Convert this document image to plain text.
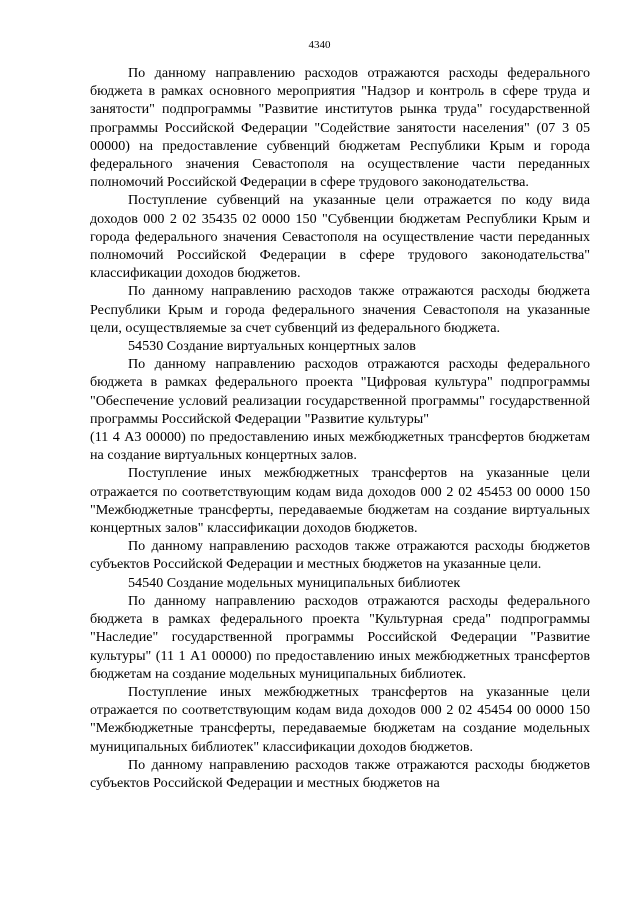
4340

По данному направлению расходов отражаются расходы федерального бюджета в рамках основного мероприятия "Надзор и контроль в сфере труда и занятости" подпрограммы "Развитие институтов рынка труда" государственной программы Российской Федерации "Содействие занятости населения" (07 3 05 00000) на предоставление субвенций бюджетам Республики Крым и города федерального значения Севастополя на осуществление части переданных полномочий Российской Федерации в сфере трудового законодательства.

Поступление субвенций на указанные цели отражается по коду вида доходов 000 2 02 35435 02 0000 150 "Субвенции бюджетам Республики Крым и города федерального значения Севастополя на осуществление части переданных полномочий Российской Федерации в сфере трудового законодательства" классификации доходов бюджетов.

По данному направлению расходов также отражаются расходы бюджета Республики Крым и города федерального значения Севастополя на указанные цели, осуществляемые за счет субвенций из федерального бюджета.

54530 Создание виртуальных концертных залов

По данному направлению расходов отражаются расходы федерального бюджета в рамках федерального проекта "Цифровая культура" подпрограммы "Обеспечение условий реализации государственной программы" государственной программы Российской Федерации "Развитие культуры"

(11 4 А3 00000) по предоставлению иных межбюджетных трансфертов бюджетам на создание виртуальных концертных залов.

Поступление иных межбюджетных трансфертов на указанные цели отражается по соответствующим кодам вида доходов 000 2 02 45453 00 0000 150 "Межбюджетные трансферты, передаваемые бюджетам на создание виртуальных концертных залов" классификации доходов бюджетов.

По данному направлению расходов также отражаются расходы бюджетов субъектов Российской Федерации и местных бюджетов на указанные цели.

54540 Создание модельных муниципальных библиотек

По данному направлению расходов отражаются расходы федерального бюджета в рамках федерального проекта "Культурная среда" подпрограммы "Наследие" государственной программы Российской Федерации "Развитие культуры" (11 1 А1 00000) по предоставлению иных межбюджетных трансфертов бюджетам на создание модельных муниципальных библиотек.

Поступление иных межбюджетных трансфертов на указанные цели отражается по соответствующим кодам вида доходов 000 2 02 45454 00 0000 150 "Межбюджетные трансферты, передаваемые бюджетам на создание модельных муниципальных библиотек" классификации доходов бюджетов.

По данному направлению расходов также отражаются расходы бюджетов субъектов Российской Федерации и местных бюджетов на
